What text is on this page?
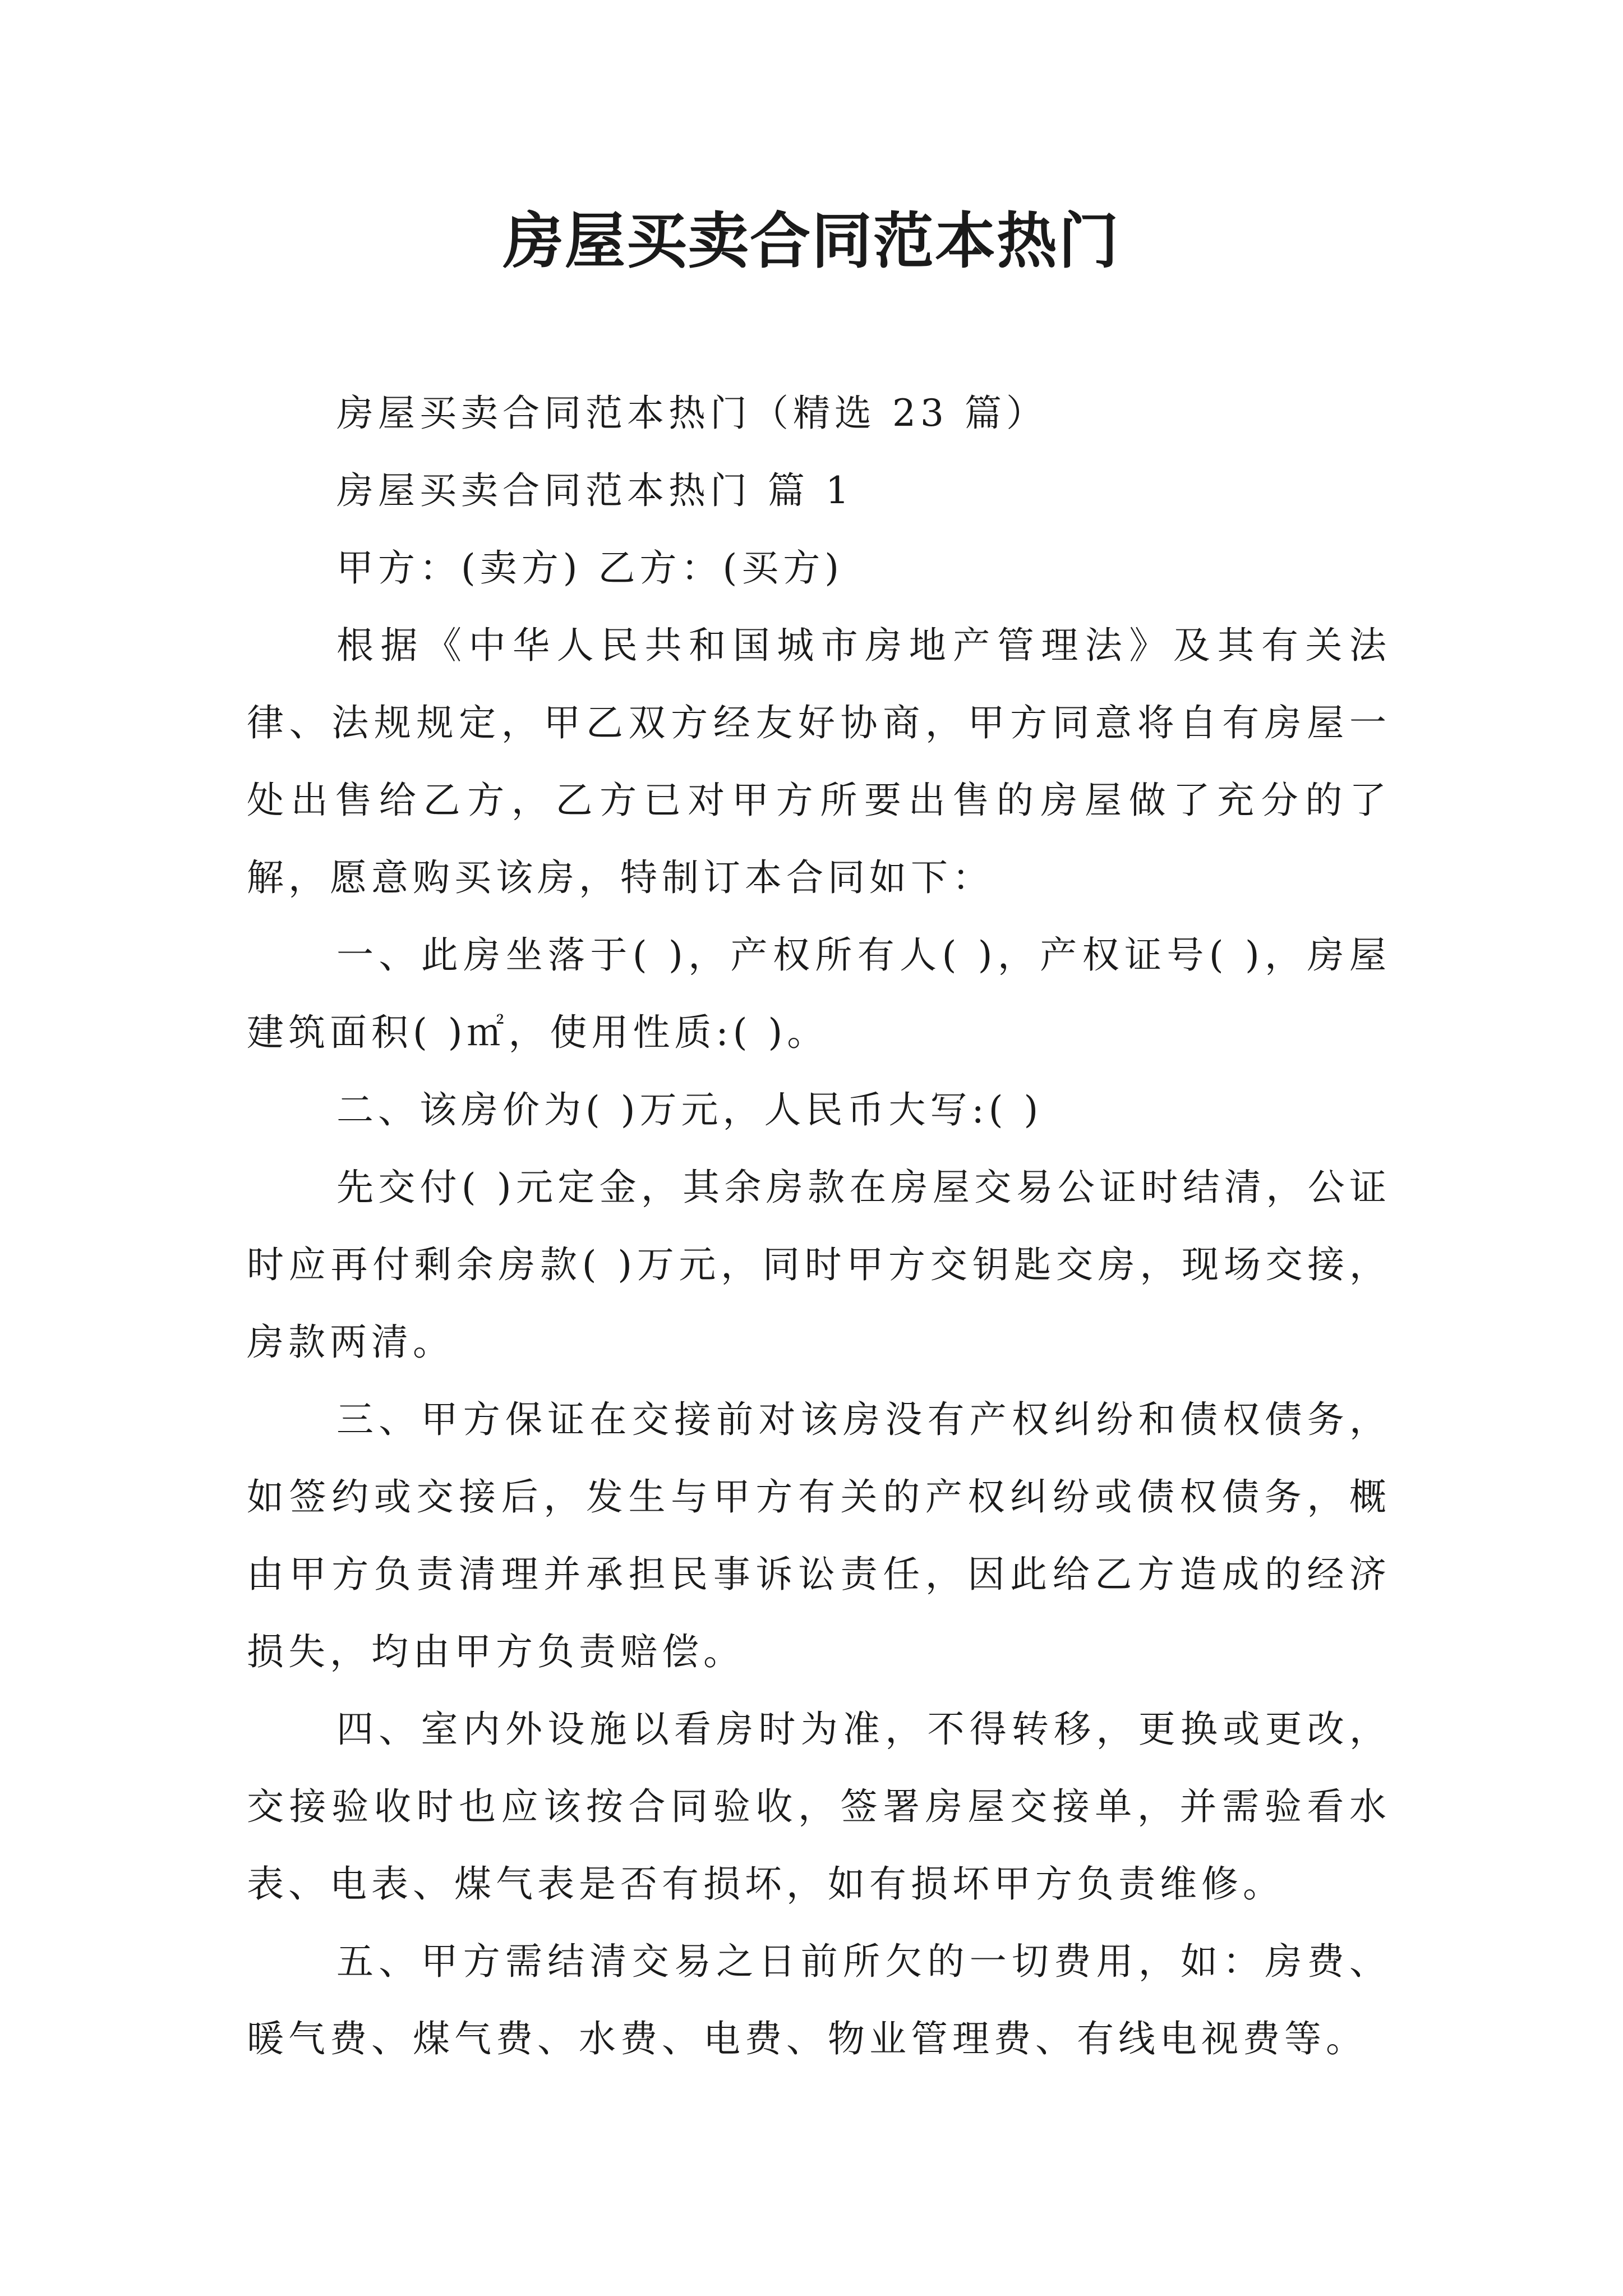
房屋买卖合同范本热门

房屋买卖合同范本热门（精选 23 篇）

房屋买卖合同范本热门 篇 1

甲方：(卖方) 乙方：(买方)

根据《中华人民共和国城市房地产管理法》及其有关法律、法规规定，甲乙双方经友好协商，甲方同意将自有房屋一处出售给乙方，乙方已对甲方所要出售的房屋做了充分的了解，愿意购买该房，特制订本合同如下：

一、此房坐落于( )，产权所有人( )，产权证号( )，房屋建筑面积( )㎡，使用性质:( )。

二、该房价为( )万元，人民币大写:( )

先交付( )元定金，其余房款在房屋交易公证时结清，公证时应再付剩余房款( )万元，同时甲方交钥匙交房，现场交接，房款两清。

三、甲方保证在交接前对该房没有产权纠纷和债权债务，如签约或交接后，发生与甲方有关的产权纠纷或债权债务，概由甲方负责清理并承担民事诉讼责任，因此给乙方造成的经济损失，均由甲方负责赔偿。

四、室内外设施以看房时为准，不得转移，更换或更改，交接验收时也应该按合同验收，签署房屋交接单，并需验看水表、电表、煤气表是否有损坏，如有损坏甲方负责维修。

五、甲方需结清交易之日前所欠的一切费用，如：房费、暖气费、煤气费、水费、电费、物业管理费、有线电视费等。
